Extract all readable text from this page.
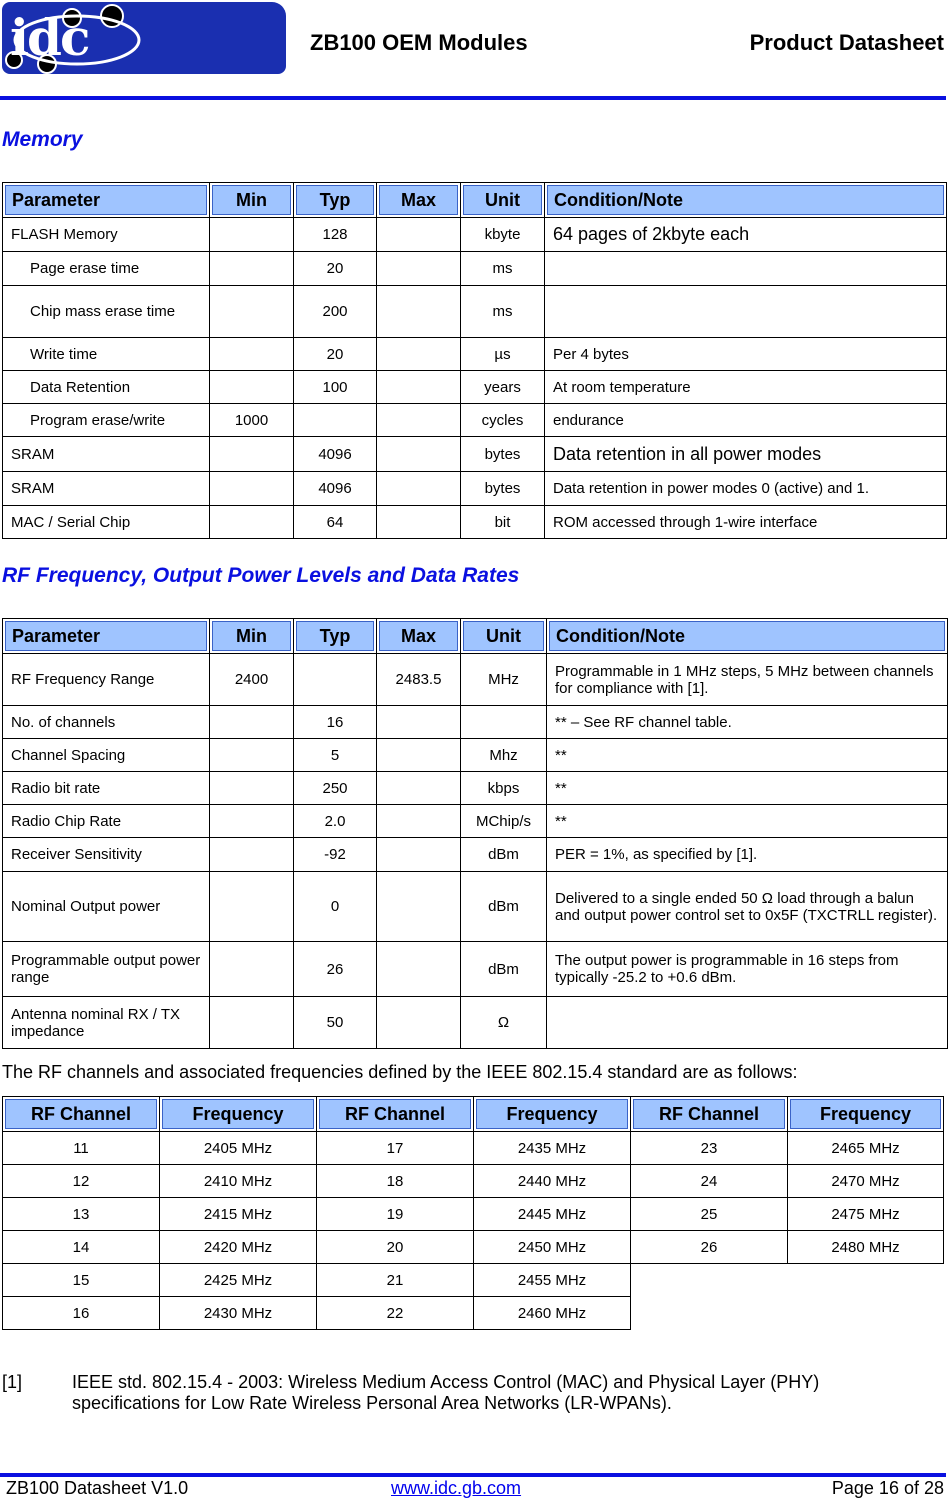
idc	ZB100 OEM Modules	Product Datasheet
Memory
Parameter	Min	Typ	Max	Unit	Condition/Note

FLASH Memory		128		kbyte	64 pages of 2kbyte each
Page erase time		20		ms	
Chip mass erase time		200		ms	
Write time		20		µs	Per 4 bytes
Data Retention		100		years	At room temperature
Program erase/write	1000			cycles	endurance
SRAM		4096		bytes	Data retention in all power modes
SRAM		4096		bytes	Data retention in power modes 0 (active) and 1.
MAC / Serial Chip		64		bit	ROM accessed through 1-wire interface
RF Frequency, Output Power Levels and Data Rates
Parameter	Min	Typ	Max	Unit	Condition/Note

RF Frequency Range	2400		2483.5	MHz	Programmable in 1 MHz steps, 5 MHz between channels for compliance with [1].
No. of channels		16			** – See RF channel table.
Channel Spacing		5		Mhz	**
Radio bit rate		250		kbps	**
Radio Chip Rate		2.0		MChip/s	**
Receiver Sensitivity		-92		dBm	PER = 1%, as specified by [1].
Nominal Output power		0		dBm	Delivered to a single ended 50 Ω load through a balun and output power control set to 0x5F (TXCTRLL register).
Programmable output power range		26		dBm	The output power is programmable in 16 steps from typically -25.2 to +0.6 dBm.
Antenna nominal RX / TX impedance		50		Ω	
The RF channels and associated frequencies defined by the IEEE 802.15.4 standard are as follows:
RF Channel	Frequency	RF Channel	Frequency	RF Channel	Frequency

11	2405 MHz	17	2435 MHz	23	2465 MHz
12	2410 MHz	18	2440 MHz	24	2470 MHz
13	2415 MHz	19	2445 MHz	25	2475 MHz
14	2420 MHz	20	2450 MHz	26	2480 MHz
15	2425 MHz	21	2455 MHz		
16	2430 MHz	22	2460 MHz		
[1]	IEEE std. 802.15.4 - 2003: Wireless Medium Access Control (MAC) and Physical Layer (PHY) specifications for Low Rate Wireless Personal Area Networks (LR-WPANs).
ZB100 Datasheet V1.0	www.idc.gb.com	Page 16 of 28
